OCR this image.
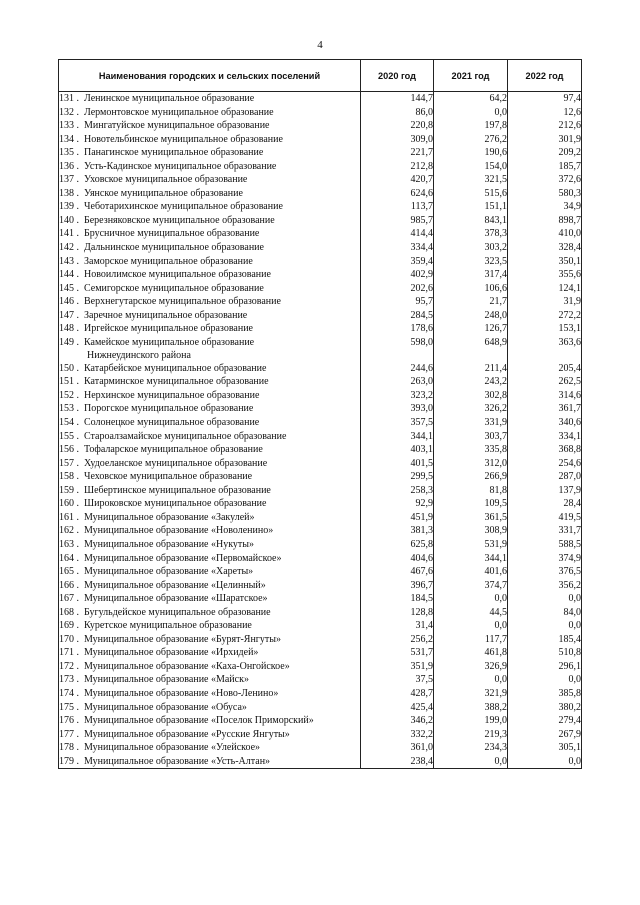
4
Наименования городских и сельских поселений	2020 год	2021 год	2022 год
131 . Ленинское муниципальное образование	144,7	64,2	97,4
132 . Лермонтовское муниципальное образование	86,0	0,0	12,6
133 . Мингатуйское муниципальное образование	220,8	197,8	212,6
134 . Новотельбинское муниципальное образование	309,0	276,2	301,9
135 . Панагинское муниципальное образование	221,7	190,6	209,2
136 . Усть-Кадинское муниципальное образование	212,8	154,0	185,7
137 . Уховское муниципальное образование	420,7	321,5	372,6
138 . Уянское муниципальное образование	624,6	515,6	580,3
139 . Чеботарихинское муниципальное образование	113,7	151,1	34,9
140 . Березняковское муниципальное образование	985,7	843,1	898,7
141 . Брусничное муниципальное образование	414,4	378,3	410,0
142 . Дальнинское муниципальное образование	334,4	303,2	328,4
143 . Заморское муниципальное образование	359,4	323,5	350,1
144 . Новоилимское муниципальное образование	402,9	317,4	355,6
145 . Семигорское муниципальное образование	202,6	106,6	124,1
146 . Верхнегутарское муниципальное образование	95,7	21,7	31,9
147 . Заречное муниципальное образование	284,5	248,0	272,2
148 . Иргейское муниципальное образование	178,6	126,7	153,1
149 . Камейское муниципальное образование
Нижнеудинского района	598,0	648,9	363,6
150 . Катарбейское муниципальное образование	244,6	211,4	205,4
151 . Катарминское муниципальное образование	263,0	243,2	262,5
152 . Нерхинское муниципальное образование	323,2	302,8	314,6
153 . Порогское муниципальное образование	393,0	326,2	361,7
154 . Солонецкое муниципальное образование	357,5	331,9	340,6
155 . Староалзамайское муниципальное образование	344,1	303,7	334,1
156 . Тофаларское муниципальное образование	403,1	335,8	368,8
157 . Худоеланское муниципальное образование	401,5	312,0	254,6
158 . Чеховское муниципальное образование	299,5	266,9	287,0
159 . Шебертинское муниципальное образование	258,3	81,8	137,9
160 . Широковское муниципальное образование	92,9	109,5	28,4
161 . Муниципальное образование «Закулей»	451,9	361,5	419,5
162 . Муниципальное образование «Новоленино»	381,3	308,9	331,7
163 . Муниципальное образование «Нукуты»	625,8	531,9	588,5
164 . Муниципальное образование «Первомайское»	404,6	344,1	374,9
165 . Муниципальное образование «Хареты»	467,6	401,6	376,5
166 . Муниципальное образование «Целинный»	396,7	374,7	356,2
167 . Муниципальное образование «Шаратское»	184,5	0,0	0,0
168 . Бугульдейское муниципальное образование	128,8	44,5	84,0
169 . Куретское муниципальное образование	31,4	0,0	0,0
170 . Муниципальное образование «Бурят-Янгуты»	256,2	117,7	185,4
171 . Муниципальное образование «Ирхидей»	531,7	461,8	510,8
172 . Муниципальное образование «Каха-Онгойское»	351,9	326,9	296,1
173 . Муниципальное образование «Майск»	37,5	0,0	0,0
174 . Муниципальное образование «Ново-Ленино»	428,7	321,9	385,8
175 . Муниципальное образование «Обуса»	425,4	388,2	380,2
176 . Муниципальное образование «Поселок Приморский»	346,2	199,0	279,4
177 . Муниципальное образование «Русские Янгуты»	332,2	219,3	267,9
178 . Муниципальное образование «Улейское»	361,0	234,3	305,1
179 . Муниципальное образование «Усть-Алтан»	238,4	0,0	0,0
